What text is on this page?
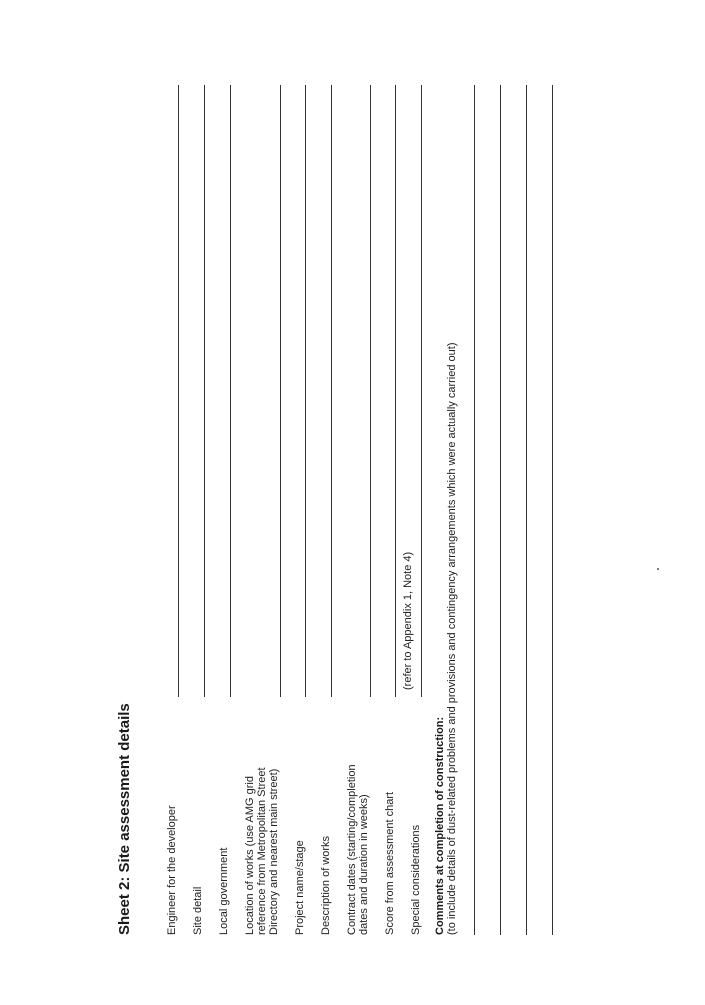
Sheet 2: Site assessment details	Engineer for the developer Site detail Local government Location of works (use AMG grid
reference from Metropolitan Street
Directory and nearest main street)
Project name/stage Description of works Contract dates (starting/completion
dates and duration in weeks) Score from assessment chart Special considerations
(refer to Appendix 1, Note 4)
Comments at completion of construction: (to include details of dust-related problems and provisions and contingency arrangements which were actually carried out)
